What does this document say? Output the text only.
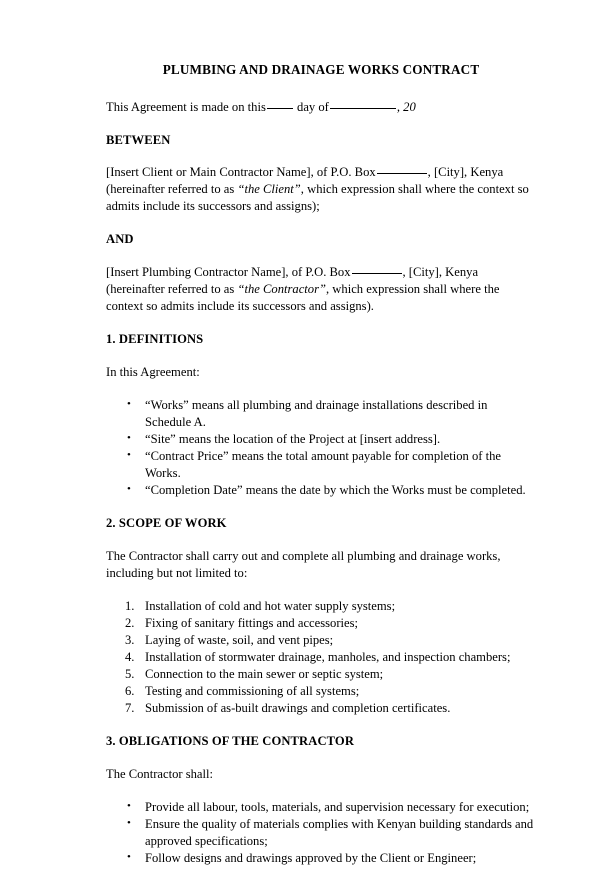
PLUMBING AND DRAINAGE WORKS CONTRACT

This Agreement is made on this day of	, 20

BETWEEN

[Insert Client or Main Contractor Name], of P.O. Box	, [City], Kenya (hereinafter referred to as “the Client”, which expression shall where the context so admits include its successors and assigns);

AND

[Insert Plumbing Contractor Name], of P.O. Box	, [City], Kenya (hereinafter referred to as “the Contractor”, which expression shall where the context so admits include its successors and assigns).

1. DEFINITIONS

In this Agreement:

• “Works” means all plumbing and drainage installations described in Schedule A.
• “Site” means the location of the Project at [insert address].
• “Contract Price” means the total amount payable for completion of the Works.
• “Completion Date” means the date by which the Works must be completed.
2. SCOPE OF WORK

The Contractor shall carry out and complete all plumbing and drainage works, including but not limited to:

Installation of cold and hot water supply systems;
Fixing of sanitary fittings and accessories;
Laying of waste, soil, and vent pipes;
Installation of stormwater drainage, manholes, and inspection chambers;
Connection to the main sewer or septic system;
Testing and commissioning of all systems;
Submission of as-built drawings and completion certificates.
3. OBLIGATIONS OF THE CONTRACTOR

The Contractor shall:

• Provide all labour, tools, materials, and supervision necessary for execution;
• Ensure the quality of materials complies with Kenyan building standards and approved specifications;
• Follow designs and drawings approved by the Client or Engineer;
